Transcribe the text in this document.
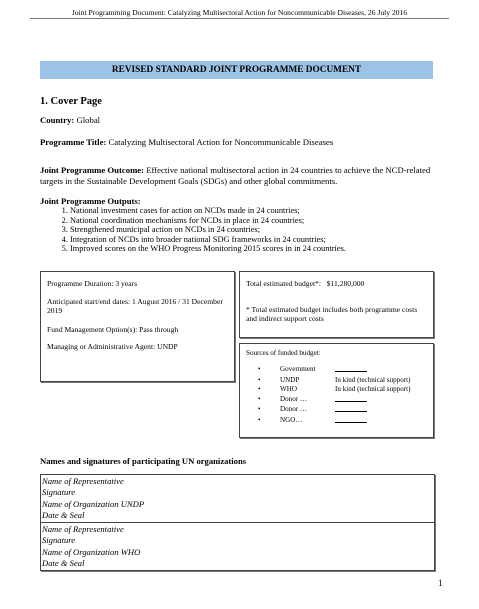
Joint Programming Document: Catalyzing Multisectoral Action for Noncommunicable Diseases, 26 July 2016
REVISED STANDARD JOINT PROGRAMME DOCUMENT
1. Cover Page
Country: Global
Programme Title: Catalyzing Multisectoral Action for Noncommunicable Diseases
Joint Programme Outcome: Effective national multisectoral action in 24 countries to achieve the NCD-related targets in the Sustainable Development Goals (SDGs) and other global commitments.
Joint Programme Outputs:
1. National investment cases for action on NCDs made in 24 countries;
2. National coordination mechanisms for NCDs in place in 24 countries;
3. Strengthened municipal action on NCDs in 24 countries;
4. Integration of NCDs into broader national SDG frameworks in 24 countries;
5. Improved scores on the WHO Progress Monitoring 2015 scores in in 24 countries.
Programme Duration: 3 years
Anticipated start/end dates: 1 August 2016 / 31 December 2019
Fund Management Option(s): Pass through
Managing or Administrative Agent: UNDP
Total estimated budget*: $11,280,000
* Total estimated budget includes both programme costs and indirect support costs
Sources of funded budget:
•	Government
•	UNDP	In kind (technical support)
•	WHO	In kind (technical support)
•	Donor …
•	Donor …
•	NGO…
Names and signatures of participating UN organizations
Name of Representative
Signature
Name of Organization UNDP
Date & Seal
Name of Representative
Signature
Name of Organization WHO
Date & Seal
1
